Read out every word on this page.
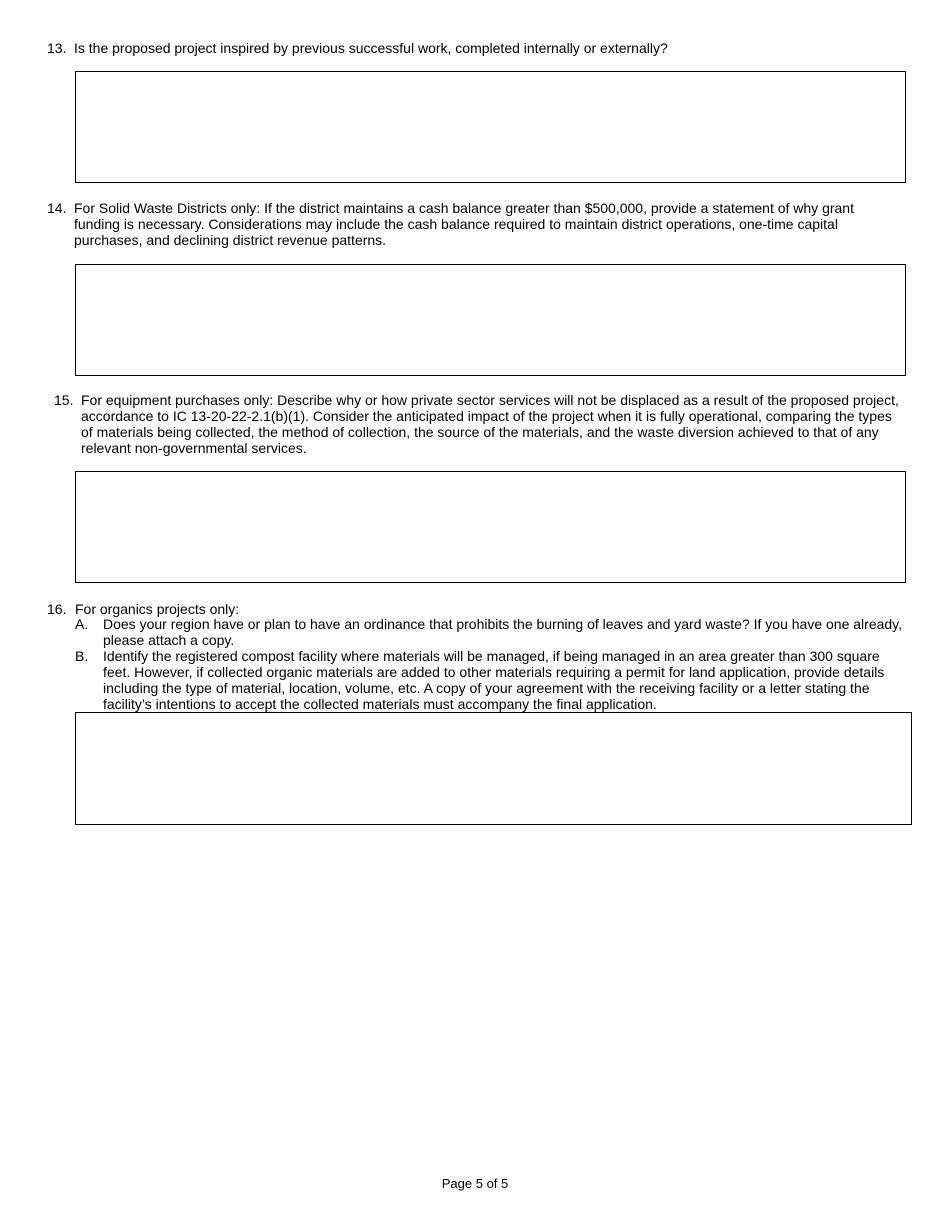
13. Is the proposed project inspired by previous successful work, completed internally or externally?
14. For Solid Waste Districts only: If the district maintains a cash balance greater than $500,000, provide a statement of why grant funding is necessary. Considerations may include the cash balance required to maintain district operations, one-time capital purchases, and declining district revenue patterns.
15. For equipment purchases only: Describe why or how private sector services will not be displaced as a result of the proposed project, accordance to IC 13-20-22-2.1(b)(1). Consider the anticipated impact of the project when it is fully operational, comparing the types of materials being collected, the method of collection, the source of the materials, and the waste diversion achieved to that of any relevant non-governmental services.
16. For organics projects only:
A.	Does your region have or plan to have an ordinance that prohibits the burning of leaves and yard waste? If you have one already, please attach a copy.
B.	Identify the registered compost facility where materials will be managed, if being managed in an area greater than 300 square feet. However, if collected organic materials are added to other materials requiring a permit for land application, provide details including the type of material, location, volume, etc. A copy of your agreement with the receiving facility or a letter stating the facility’s intentions to accept the collected materials must accompany the final application.
Page 5 of 5
